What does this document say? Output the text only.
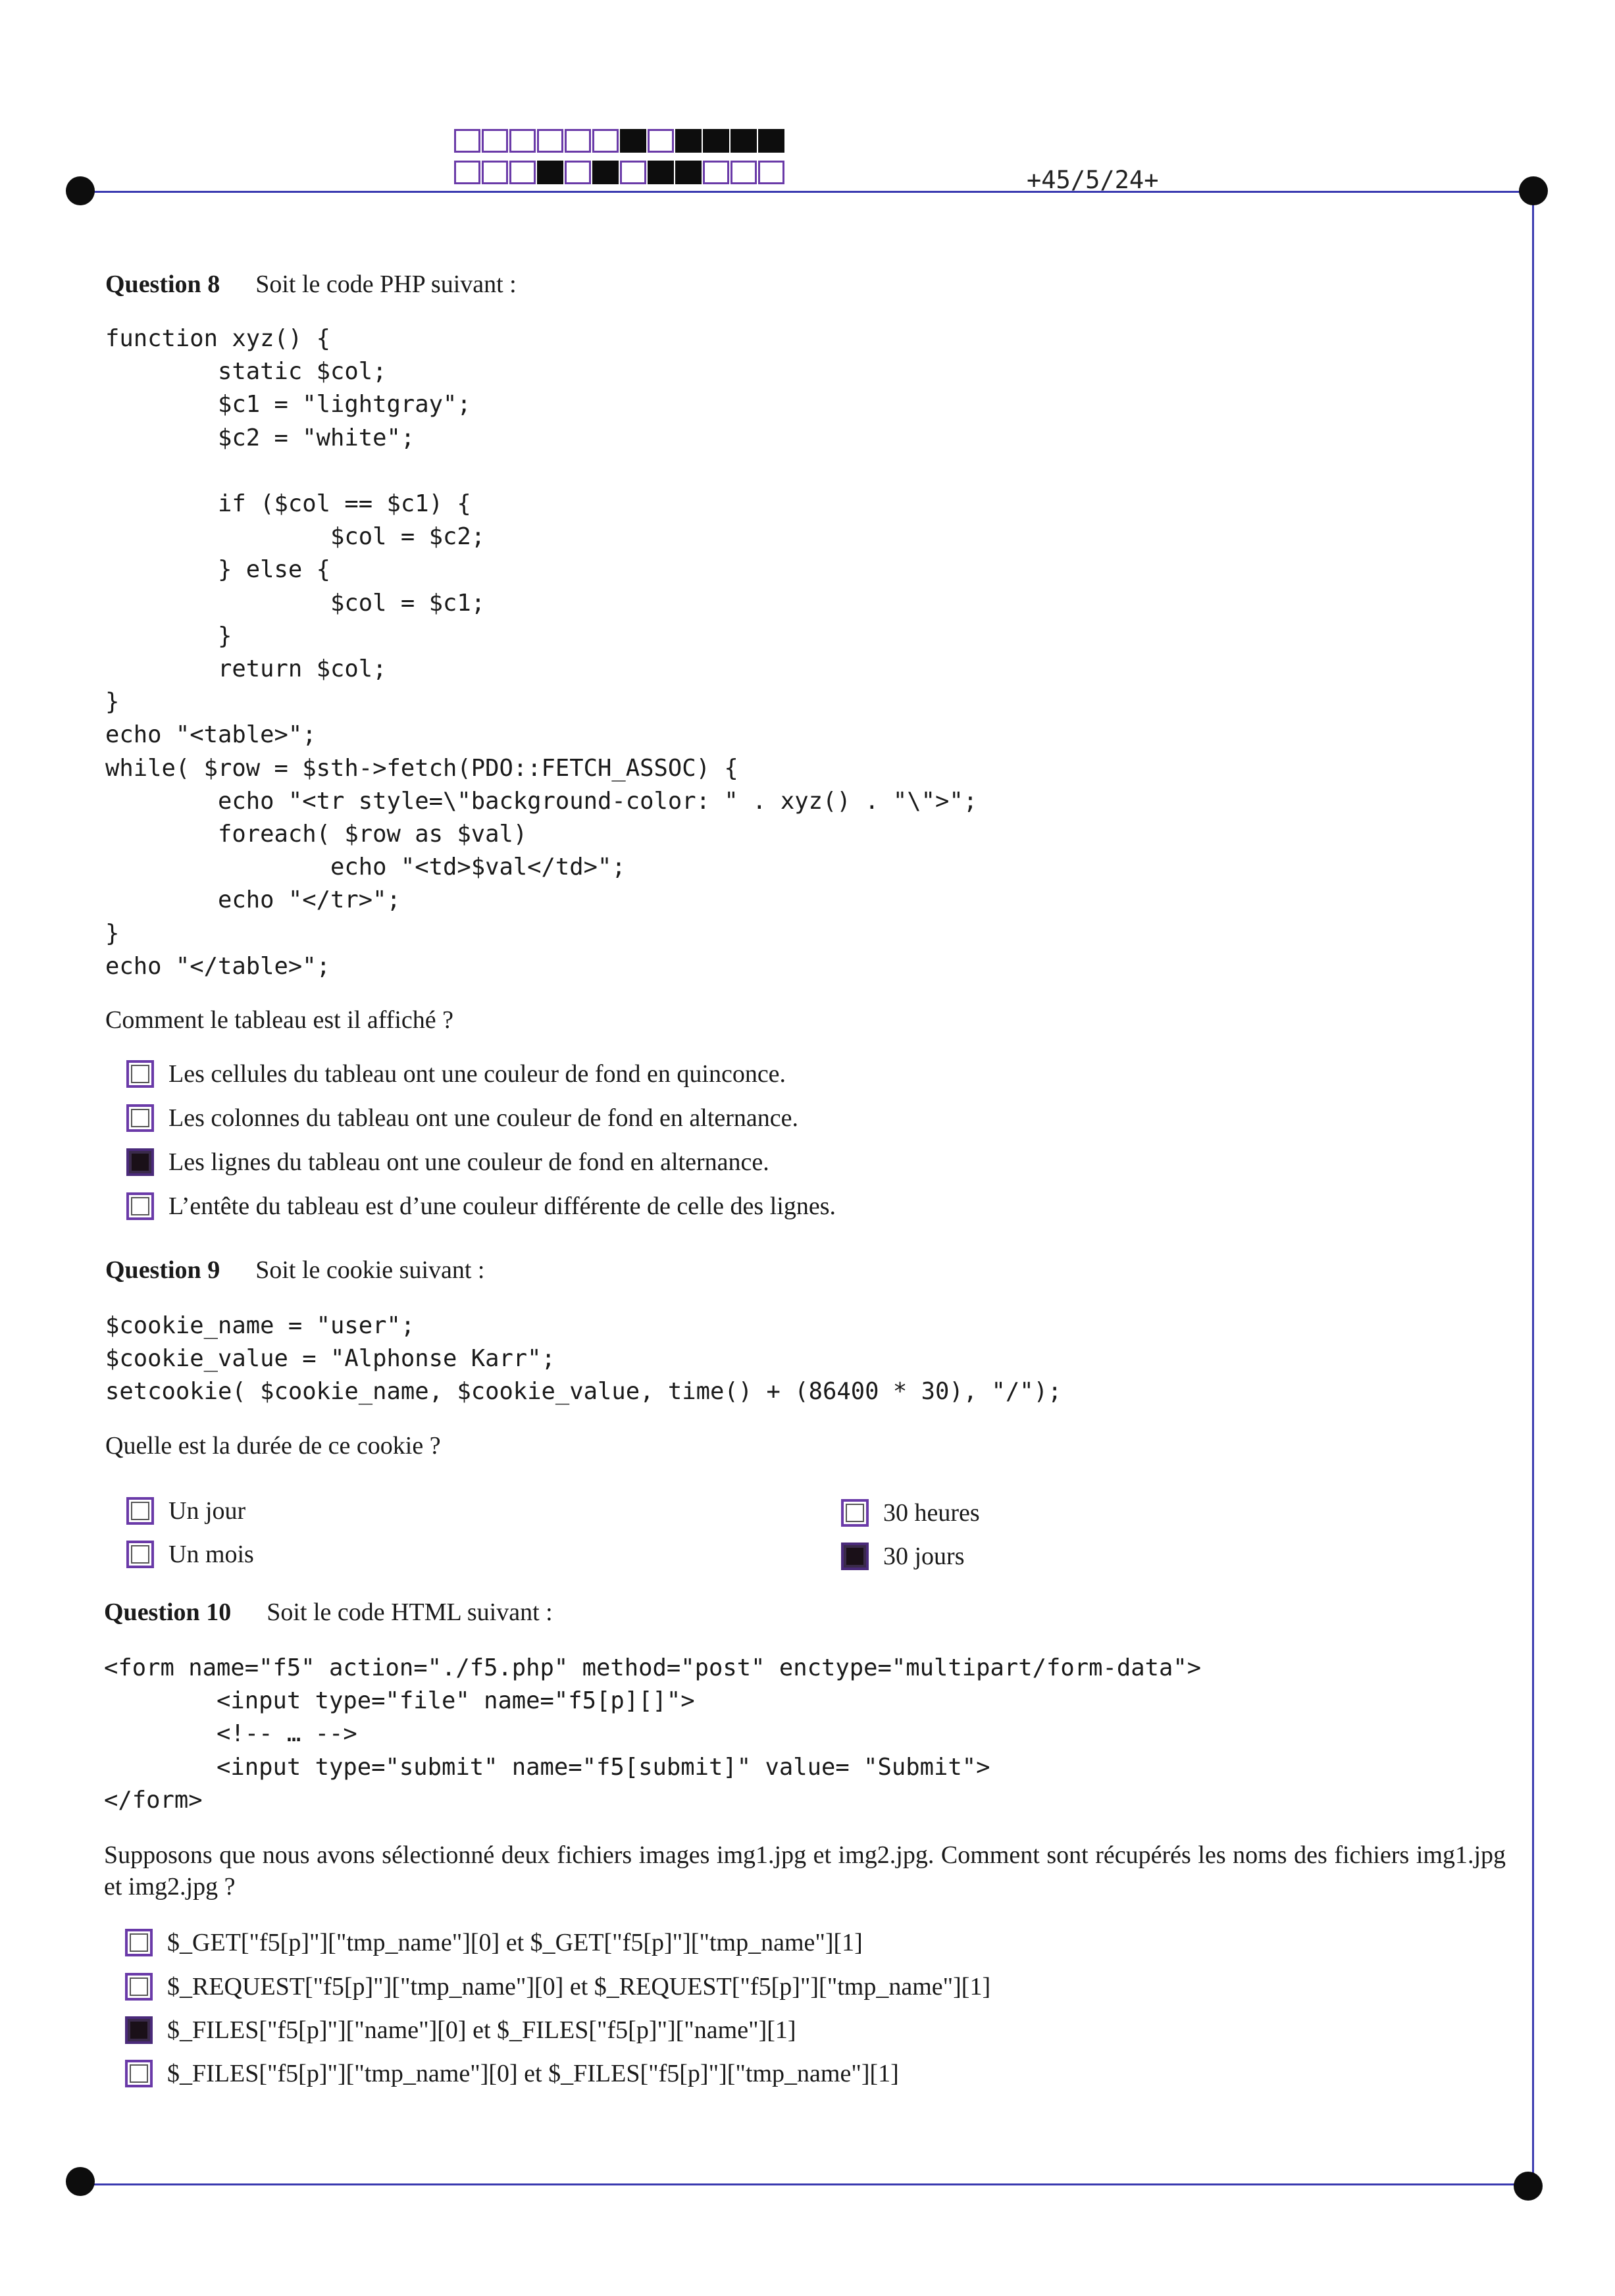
+45/5/24+
Question 8 Soit le code PHP suivant :
function xyz() {
static $col;
$c1 = "lightgray";
$c2 = "white";

if ($col == $c1) {
$col = $c2;
} else {
$col = $c1;
}
return $col;
}
echo "<table>";
while( $row = $sth->fetch(PDO::FETCH_ASSOC) {
echo "<tr style=\"background-color: " . xyz() . "\">";
foreach( $row as $val)
echo "<td>$val</td>";
echo "</tr>";
}
echo "</table>";
Comment le tableau est il affiché ?
Les cellules du tableau ont une couleur de fond en quinconce.
Les colonnes du tableau ont une couleur de fond en alternance.
Les lignes du tableau ont une couleur de fond en alternance.
L’entête du tableau est d’une couleur différente de celle des lignes.
Question 9 Soit le cookie suivant :
$cookie_name = "user";
$cookie_value = "Alphonse Karr";
setcookie( $cookie_name, $cookie_value, time() + (86400 * 30), "/");
Quelle est la durée de ce cookie ?
Un jour
Un mois
30 heures
30 jours
Question 10 Soit le code HTML suivant :
<form name="f5" action="./f5.php" method="post" enctype="multipart/form-data">
<input type="file" name="f5[p][]">
<!-- … -->
<input type="submit" name="f5[submit]" value= "Submit">
</form>
Supposons que nous avons sélectionné deux fichiers images img1.jpg et img2.jpg. Comment sont récupérés les noms des fichiers img1.jpg et img2.jpg ?
$_GET["f5[p]"]["tmp_name"][0] et $_GET["f5[p]"]["tmp_name"][1]
$_REQUEST["f5[p]"]["tmp_name"][0] et $_REQUEST["f5[p]"]["tmp_name"][1]
$_FILES["f5[p]"]["name"][0] et $_FILES["f5[p]"]["name"][1]
$_FILES["f5[p]"]["tmp_name"][0] et $_FILES["f5[p]"]["tmp_name"][1]
